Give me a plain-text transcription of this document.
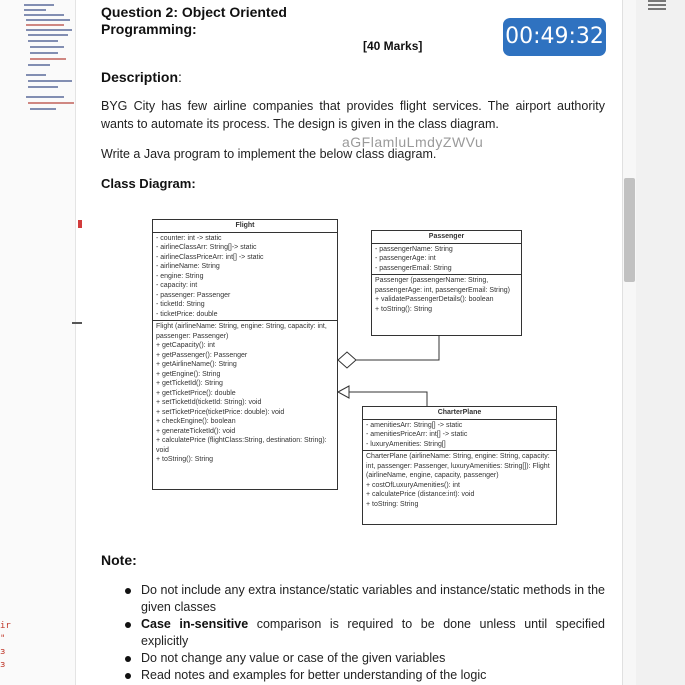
ir
"
з
з
Question 2: Object Oriented
Programming:
[40 Marks]	00:49:32
Description:
BYG City has few airline companies that provides flight services. The airport authority wants to automate its process. The design is given in the class diagram.
aGFlamluLmdyZWVu
Write a Java program to implement the below class diagram.
Class Diagram:
Flight
- counter: int -> static
- airlineClassArr: String[]-> static
- airlineClassPriceArr: int[] -> static
- airlineName: String
- engine: String
- capacity: int
- passenger: Passenger
- ticketId: String
- ticketPrice: double
Flight (airlineName: String, engine: String, capacity: int, passenger: Passenger)
+ getCapacity(): int
+ getPassenger(): Passenger
+ getAirlineName(): String
+ getEngine(): String
+ getTicketId(): String
+ getTicketPrice(): double
+ setTicketId(ticketId: String): void
+ setTicketPrice(ticketPrice: double): void
+ checkEngine(): boolean
+ generateTicketId(): void
+ calculatePrice (flightClass:String, destination: String): void
+ toString(): String
Passenger
- passengerName: String
- passengerAge: int
- passengerEmail: String
Passenger (passengerName: String, passengerAge: int, passengerEmail: String)
+ validatePassengerDetails(): boolean
+ toString(): String
CharterPlane
- amenitiesArr: String[] -> static
- amenitiesPriceArr: int[] -> static
- luxuryAmenities: String[]
CharterPlane (airlineName: String, engine: String, capacity: int, passenger: Passenger, luxuryAmenities: String[]): Flight (airlineName, engine, capacity, passenger)
+ costOfLuxuryAmenities(): int
+ calculatePrice (distance:int): void
+ toString: String
Note:
Do not include any extra instance/static variables and instance/static methods in the given classes
Case in-sensitive comparison is required to be done unless until specified explicitly
Do not change any value or case of the given variables
Read notes and examples for better understanding of the logic
